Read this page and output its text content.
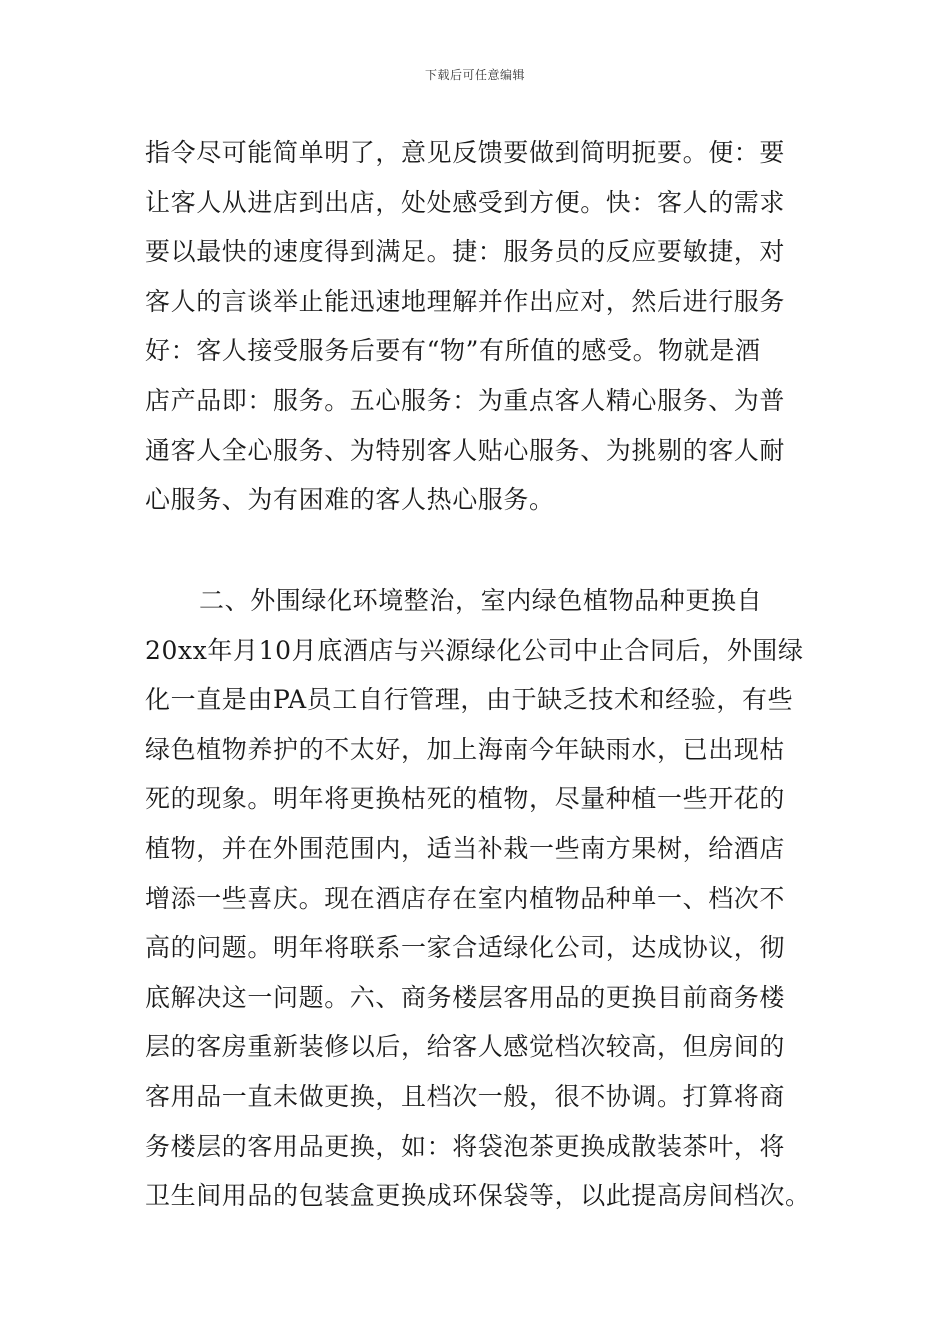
下载后可任意编辑
指令尽可能简单明了，意见反馈要做到简明扼要。便：要
让客人从进店到出店，处处感受到方便。快：客人的需求
要以最快的速度得到满足。捷：服务员的反应要敏捷，对
客人的言谈举止能迅速地理解并作出应对，然后进行服务
好：客人接受服务后要有“物”有所值的感受。物就是酒
店产品即：服务。五心服务：为重点客人精心服务、为普
通客人全心服务、为特别客人贴心服务、为挑剔的客人耐
心服务、为有困难的客人热心服务。
二、外围绿化环境整治，室内绿色植物品种更换自
20xx年月10月底酒店与兴源绿化公司中止合同后，外围绿
化一直是由PA员工自行管理，由于缺乏技术和经验，有些
绿色植物养护的不太好，加上海南今年缺雨水，已出现枯
死的现象。明年将更换枯死的植物，尽量种植一些开花的
植物，并在外围范围内，适当补栽一些南方果树，给酒店
增添一些喜庆。现在酒店存在室内植物品种单一、档次不
高的问题。明年将联系一家合适绿化公司，达成协议，彻
底解决这一问题。六、商务楼层客用品的更换目前商务楼
层的客房重新装修以后，给客人感觉档次较高，但房间的
客用品一直未做更换，且档次一般，很不协调。打算将商
务楼层的客用品更换，如：将袋泡茶更换成散装茶叶，将
卫生间用品的包装盒更换成环保袋等，以此提高房间档次。
